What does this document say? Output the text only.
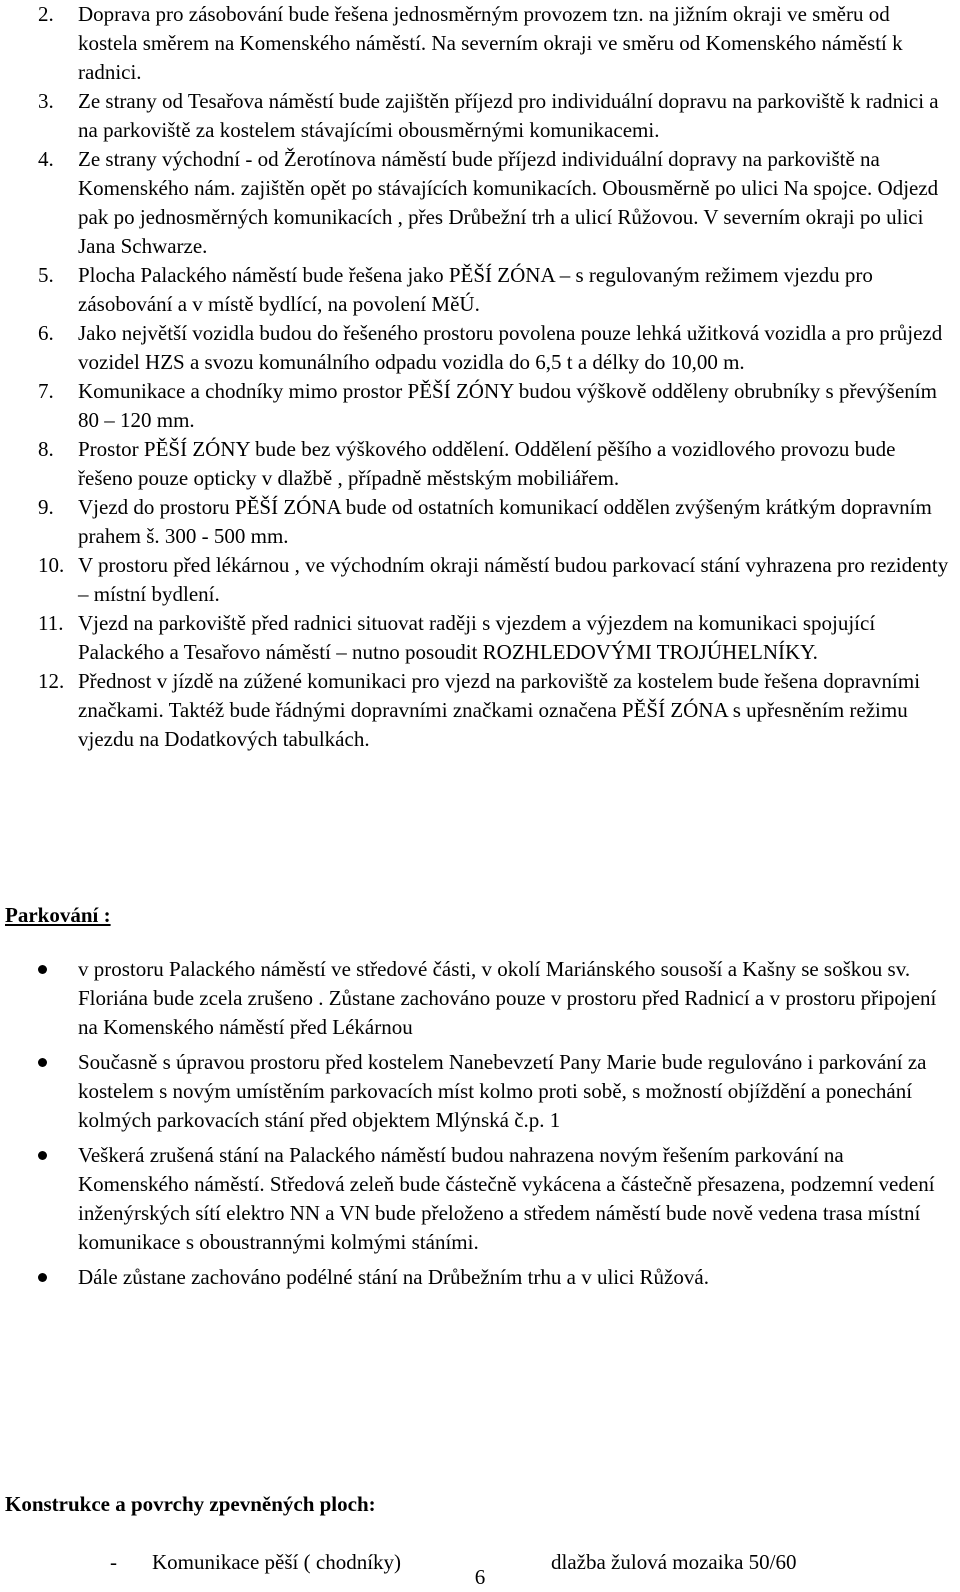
2.	Doprava pro zásobování bude řešena jednosměrným provozem tzn. na jižním okraji ve směru od kostela směrem na Komenského náměstí. Na severním okraji ve směru od Komenského náměstí k radnici.
3.	Ze strany od Tesařova náměstí bude zajištěn příjezd pro individuální dopravu na parkoviště k radnici a na parkoviště za kostelem stávajícími obousměrnými komunikacemi.
4.	Ze strany východní - od Žerotínova náměstí bude příjezd individuální dopravy na parkoviště na Komenského nám. zajištěn opět po stávajících komunikacích. Obousměrně po ulici Na spojce. Odjezd pak po jednosměrných komunikacích , přes Drůbežní trh a ulicí Růžovou. V severním okraji po ulici Jana Schwarze.
5.	Plocha Palackého náměstí bude řešena jako PĚŠÍ ZÓNA – s regulovaným režimem vjezdu pro zásobování a v místě bydlící, na povolení MěÚ.
6.	Jako největší vozidla budou do řešeného prostoru povolena pouze lehká užitková vozidla a pro průjezd vozidel HZS a svozu komunálního odpadu vozidla do 6,5 t a délky do 10,00 m.
7.	Komunikace a chodníky mimo prostor PĚŠÍ ZÓNY budou výškově odděleny obrubníky s převýšením 80 – 120 mm.
8.	Prostor PĚŠÍ ZÓNY bude bez výškového oddělení. Oddělení pěšího a vozidlového provozu bude řešeno pouze opticky v dlažbě , případně městským mobiliářem.
9.	Vjezd do prostoru PĚŠÍ ZÓNA bude od ostatních komunikací oddělen zvýšeným krátkým dopravním prahem š. 300 - 500 mm.
10. V prostoru před lékárnou , ve východním okraji náměstí budou parkovací stání vyhrazena pro rezidenty – místní bydlení.
11. Vjezd na parkoviště před radnici situovat raději s vjezdem a výjezdem na komunikaci spojující Palackého a Tesařovo náměstí – nutno posoudit ROZHLEDOVÝMI TROJÚHELNÍKY.
12. Přednost v jízdě na zúžené komunikaci pro vjezd na parkoviště za kostelem bude řešena dopravními značkami. Taktéž bude řádnými dopravními značkami označena PĚŠÍ ZÓNA s upřesněním režimu vjezdu na Dodatkových tabulkách.
Parkování :
v prostoru Palackého náměstí ve středové části, v okolí Mariánského sousoší a Kašny se soškou sv. Floriána bude zcela zrušeno . Zůstane zachováno pouze v prostoru před Radnicí a v prostoru připojení na Komenského náměstí před Lékárnou
Současně s úpravou prostoru před kostelem Nanebevzetí Pany Marie bude regulováno i parkování za kostelem s novým umístěním parkovacích míst kolmo proti sobě, s možností objíždění a ponechání kolmých parkovacích stání před objektem Mlýnská č.p. 1
Veškerá zrušená stání na Palackého náměstí budou nahrazena novým řešením parkování na Komenského náměstí. Středová zeleň bude částečně vykácena a částečně přesazena, podzemní vedení inženýrských sítí elektro NN a VN bude přeloženo a středem náměstí bude nově vedena trasa místní komunikace s oboustrannými kolmými stáními.
Dále zůstane zachováno podélné stání na Drůbežním trhu a v ulici Růžová.
Konstrukce a povrchy zpevněných ploch:
- Komunikace pěší ( chodníky)	dlažba žulová mozaika 50/60
6
